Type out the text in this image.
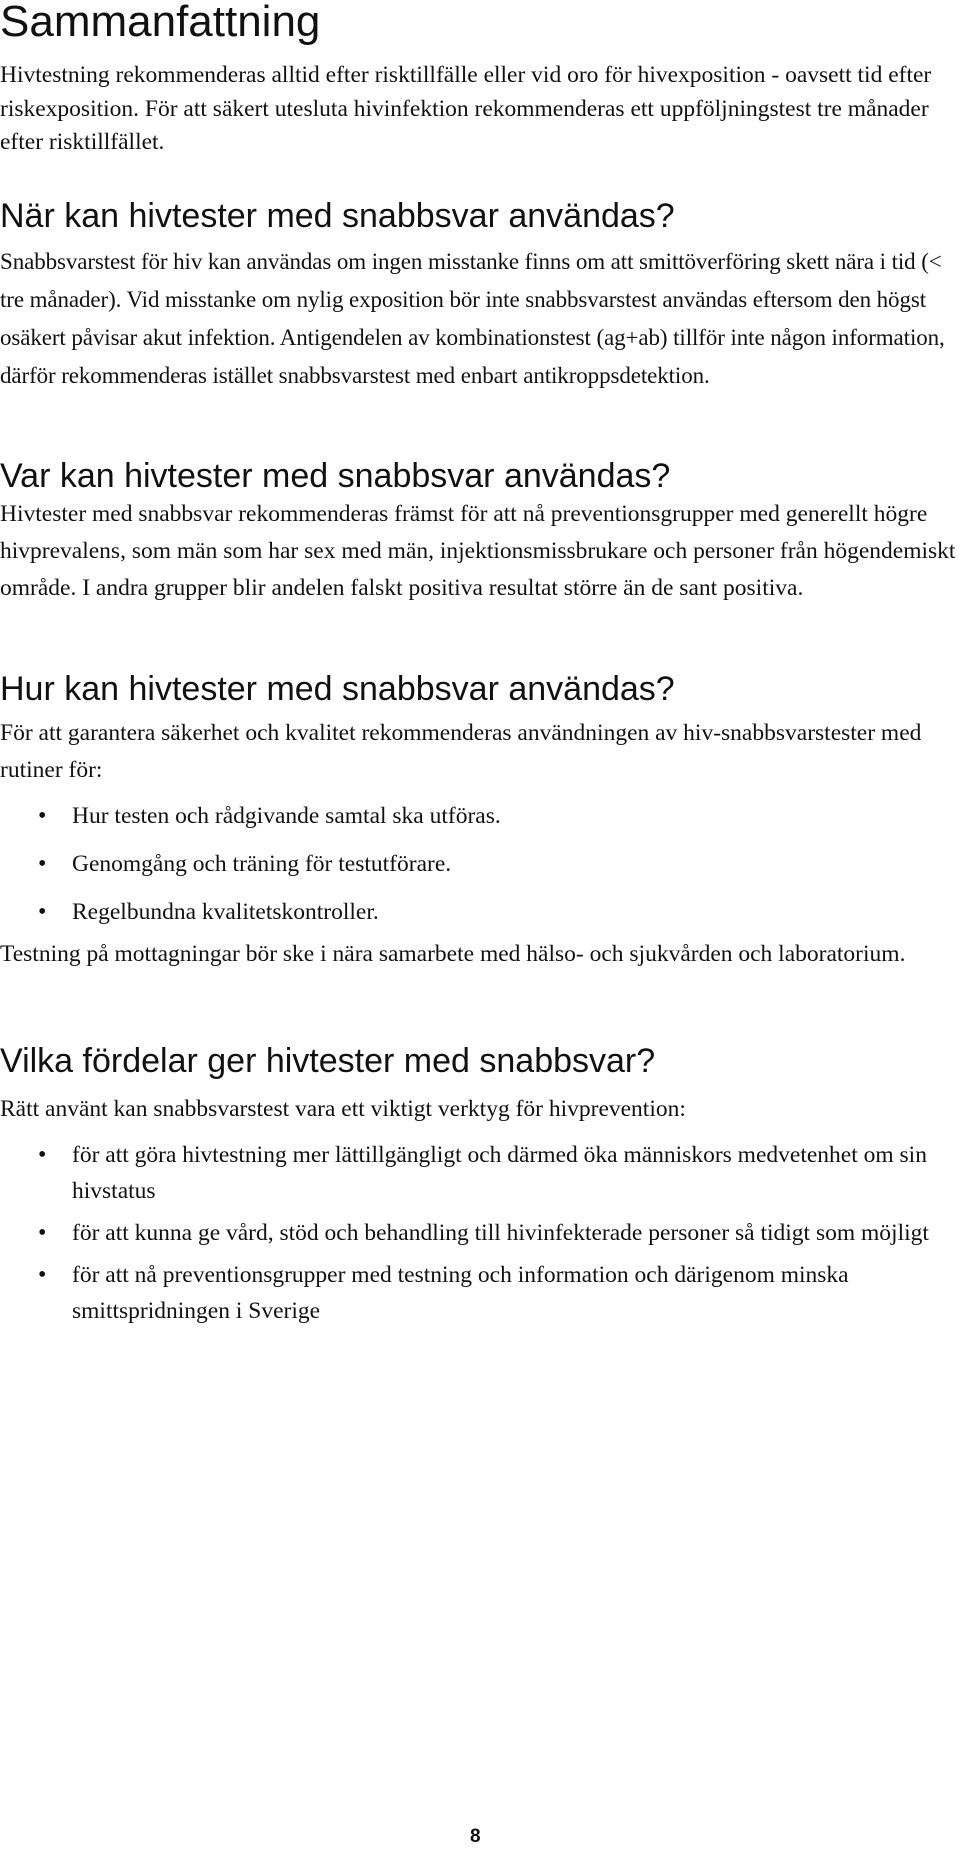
Sammanfattning

Hivtestning rekommenderas alltid efter risktillfälle eller vid oro för hivexposition - oavsett tid efter riskexposition. För att säkert utesluta hivinfektion rekommenderas ett uppföljningstest tre månader efter risktillfället.

När kan hivtester med snabbsvar användas?

Snabbsvarstest för hiv kan användas om ingen misstanke finns om att smittöverföring skett nära i tid (< tre månader). Vid misstanke om nylig exposition bör inte snabbsvarstest användas eftersom den högst osäkert påvisar akut infektion. Antigendelen av kombinationstest (ag+ab) tillför inte någon information, därför rekommenderas istället snabbsvarstest med enbart antikroppsdetektion.

Var kan hivtester med snabbsvar användas?

Hivtester med snabbsvar rekommenderas främst för att nå preventionsgrupper med generellt högre hivprevalens, som män som har sex med män, injektionsmissbrukare och personer från högendemiskt område. I andra grupper blir andelen falskt positiva resultat större än de sant positiva.

Hur kan hivtester med snabbsvar användas?

För att garantera säkerhet och kvalitet rekommenderas användningen av hiv-snabbsvarstester med rutiner för:

• Hur testen och rådgivande samtal ska utföras.
• Genomgång och träning för testutförare.
• Regelbundna kvalitetskontroller.

Testning på mottagningar bör ske i nära samarbete med hälso- och sjukvården och laboratorium.

Vilka fördelar ger hivtester med snabbsvar?

Rätt använt kan snabbsvarstest vara ett viktigt verktyg för hivprevention:

• för att göra hivtestning mer lättillgängligt och därmed öka människors medvetenhet om sin hivstatus
• för att kunna ge vård, stöd och behandling till hivinfekterade personer så tidigt som möjligt
• för att nå preventionsgrupper med testning och information och därigenom minska smittspridningen i Sverige
8
